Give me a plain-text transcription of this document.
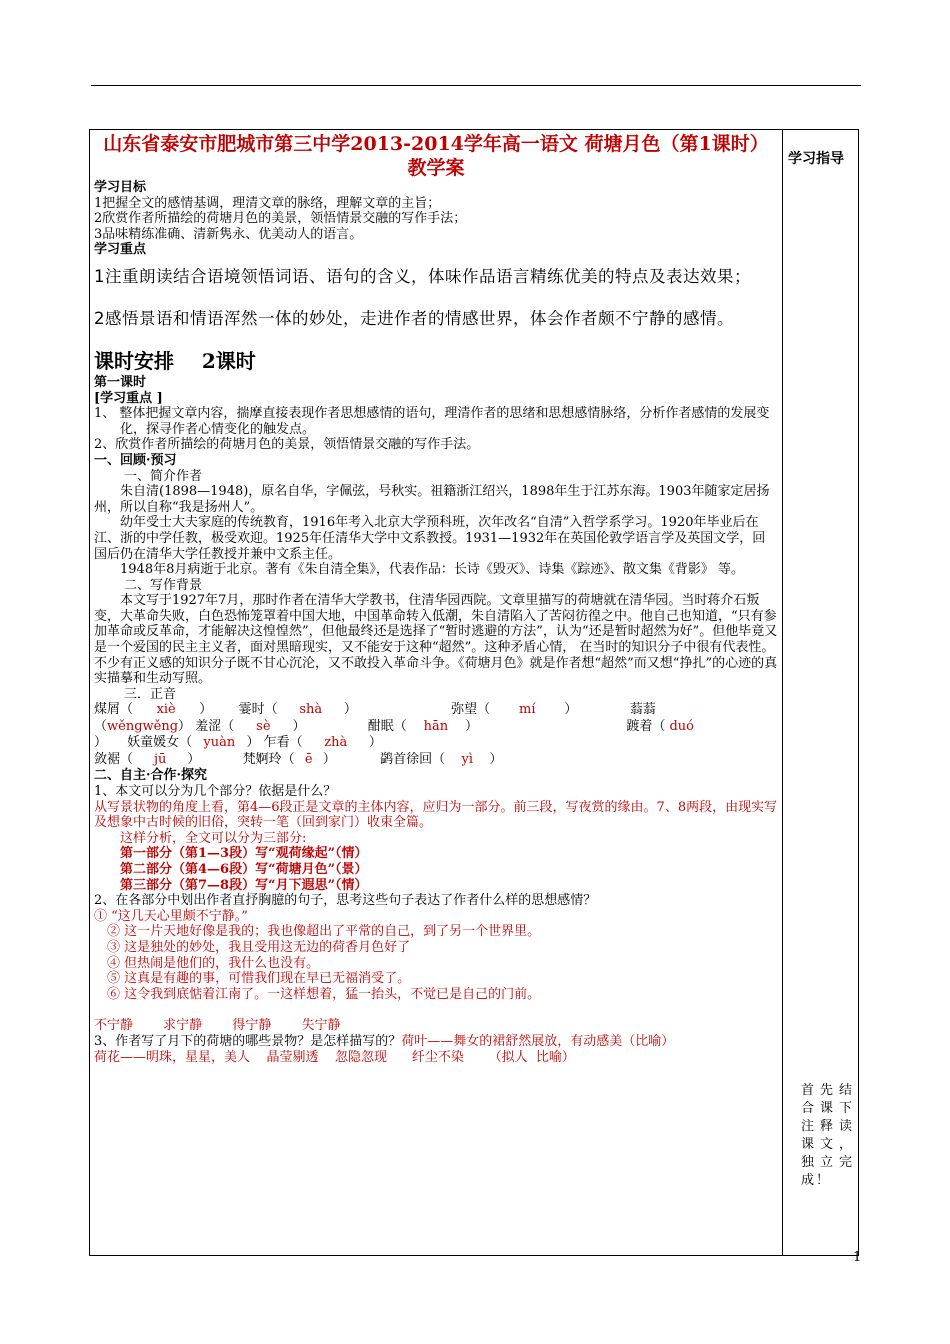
山东省泰安市肥城市第三中学2013-2014学年高一语文 荷塘月色（第1课时）教学案

学习目标

1把握全文的感情基调，理清文章的脉络，理解文章的主旨；

2欣赏作者所描绘的荷塘月色的美景，领悟情景交融的写作手法；

3品味精练准确、清新隽永、优美动人的语言。

学习重点

1注重朗读结合语境领悟词语、语句的含义，体味作品语言精练优美的特点及表达效果；

2感悟景语和情语浑然一体的妙处，走进作者的情感世界，体会作者颇不宁静的感情。

课时安排    2课时

第一课时

[学习重点 ]

1、 整体把握文章内容，揣摩直接表现作者思想感情的语句，理清作者的思绪和思想感情脉络，分析作者感情的发展变化，探寻作者心情变化的触发点。

2、欣赏作者所描绘的荷塘月色的美景，领悟情景交融的写作手法。

一、回顾·预习

一、简介作者

朱自清(1898—1948)，原名自华，字佩弦，号秋实。祖籍浙江绍兴，1898年生于江苏东海。1903年随家定居扬州，所以自称“我是扬州人”。

幼年受士大夫家庭的传统教育，1916年考入北京大学预科班，次年改名“自清”入哲学系学习。1920年毕业后在江、浙的中学任教，极受欢迎。1925年任清华大学中文系教授。1931—1932年在英国伦敦学语言学及英国文学，回国后仍在清华大学任教授并兼中文系主任。

1948年8月病逝于北京。著有《朱自清全集》，代表作品：长诗《毁灭》、诗集《踪迹》、散文集《背影》 等。

二、写作背景

本文写于1927年7月，那时作者在清华大学教书，住清华园西院。文章里描写的荷塘就在清华园。当时蒋介石叛变，大革命失败，白色恐怖笼罩着中国大地，中国革命转入低潮，朱自清陷入了苦闷彷徨之中。他自己也知道，“只有参加革命或反革命，才能解决这惶惶然”，但他最终还是选择了“暂时逃避的方法”，认为“还是暂时超然为好”。但他毕竟又是一个爱国的民主主义者，面对黑暗现实，又不能安于这种“超然”。这种矛盾心情， 在当时的知识分子中很有代表性。不少有正义感的知识分子既不甘心沉沦，又不敢投入革命斗争。《荷塘月色》就是作者想“超然”而又想“挣扎”的心迹的真实描摹和生动写照。

三．正音

煤屑（ xiè ）  霎时（ shà ）	弥望（ mí ）	蓊蓊
（wěngwěng） 羞涩（ sè ）	酣眠（ hān ）	踱着（ duó
） 妖童媛女（ yuàn ） 乍看（ zhà ）
敛裾（ jū ）	梵婀玲（ ē ）	鹢首徐回（ yì ）

二、自主·合作·探究

1、本文可以分为几个部分？依据是什么？

从写景状物的角度上看，第4—6段正是文章的主体内容，应归为一部分。前三段，写夜赏的缘由。7、8两段，由现实写及想象中古时候的旧俗，突转一笔（回到家门）收束全篇。

这样分析，全文可以分为三部分:

第一部分（第1—3段）写“观荷缘起”（情）

第二部分（第4—6段）写“荷塘月色”（景）

第三部分（第7—8段）写“月下遐思”（情）

2、在各部分中划出作者直抒胸臆的句子，思考这些句子表达了作者什么样的思想感情？

① “这几天心里颇不宁静。”

② 这一片天地好像是我的；我也像超出了平常的自己，到了另一个世界里。

③ 这是独处的妙处，我且受用这无边的荷香月色好了

④ 但热闹是他们的，我什么也没有。

⑤ 这真是有趣的事，可惜我们现在早已无福消受了。

⑥ 这令我到底惦着江南了。一这样想着，猛一抬头，不觉已是自己的门前。

不宁静 求宁静 得宁静 失宁静

3、作者写了月下的荷塘的哪些景物？是怎样描写的？荷叶——舞女的裙舒然展放，有动感美（比喻）

荷花——明珠，星星，美人    晶莹剔透    忽隐忽现      纤尘不染      （拟人  比喻）

学习指导
首先结合课下注释读课文，独立完成！
1
